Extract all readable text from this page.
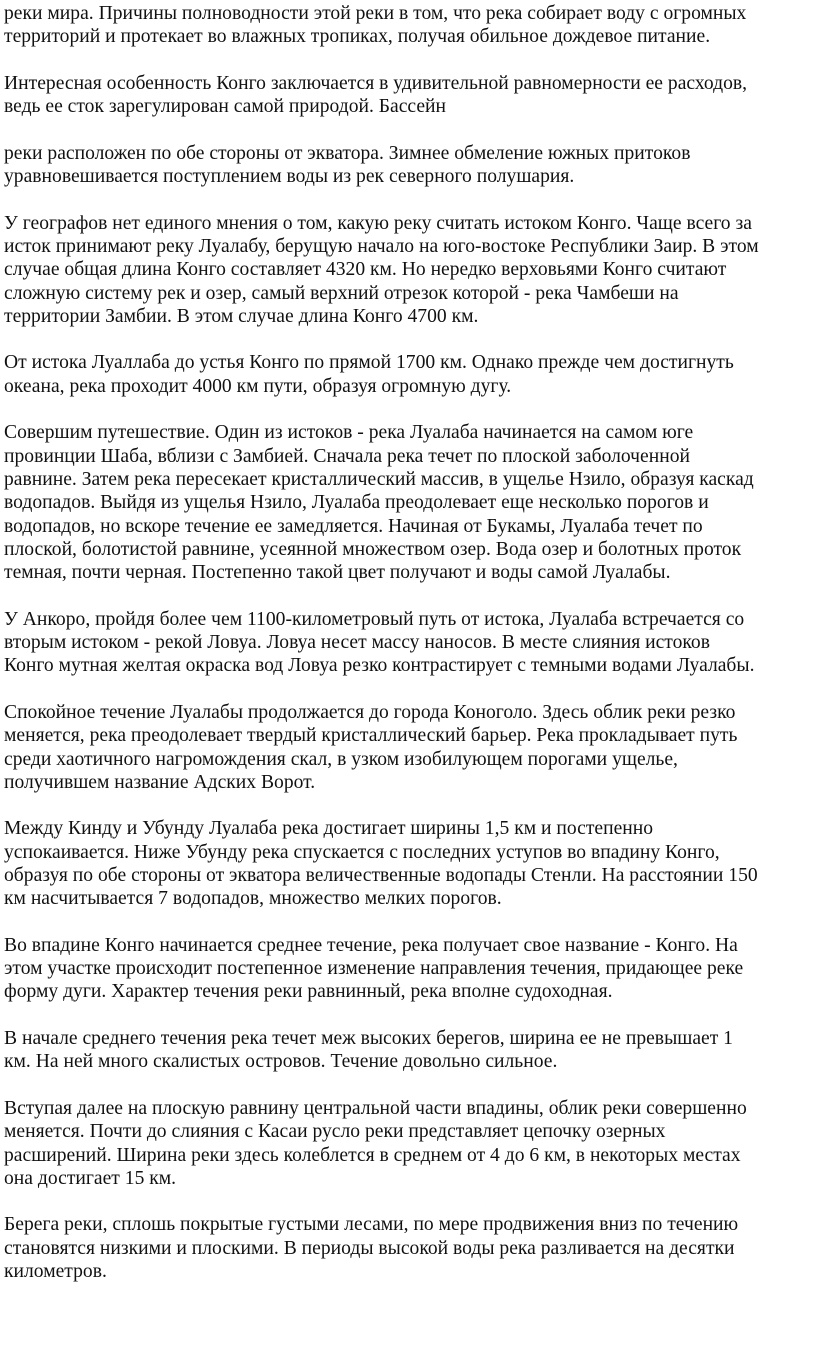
реки мира. Причины полноводности этой реки в том, что река собирает воду с огромных
территорий и протекает во влажных тропиках, получая обильное дождевое питание.

Интересная особенность Конго заключается в удивительной равномерности ее расходов,
ведь ее сток зарегулирован самой природой. Бассейн

реки расположен по обе стороны от экватора. Зимнее обмеление южных притоков
уравновешивается поступлением воды из рек северного полушария.

У географов нет единого мнения о том, какую реку считать истоком Конго. Чаще всего за
исток принимают реку Луалабу, берущую начало на юго-востоке Республики Заир. В этом
случае общая длина Конго составляет 4320 км. Но нередко верховьями Конго считают
сложную систему рек и озер, самый верхний отрезок которой - река Чамбеши на
территории Замбии. В этом случае длина Конго 4700 км.

От истока Луаллаба до устья Конго по прямой 1700 км. Однако прежде чем достигнуть
океана, река проходит 4000 км пути, образуя огромную дугу.

Совершим путешествие. Один из истоков - река Луалаба начинается на самом юге
провинции Шаба, вблизи с Замбией. Сначала река течет по плоской заболоченной
равнине. Затем река пересекает кристаллический массив, в ущелье Нзило, образуя каскад
водопадов. Выйдя из ущелья Нзило, Луалаба преодолевает еще несколько порогов и
водопадов, но вскоре течение ее замедляется. Начиная от Букамы, Луалаба течет по
плоской, болотистой равнине, усеянной множеством озер. Вода озер и болотных проток
темная, почти черная. Постепенно такой цвет получают и воды самой Луалабы.

У Анкоро, пройдя более чем 1100-километровый путь от истока, Луалаба встречается со
вторым истоком - рекой Ловуа. Ловуа несет массу наносов. В месте слияния истоков
Конго мутная желтая окраска вод Ловуа резко контрастирует с темными водами Луалабы.

Спокойное течение Луалабы продолжается до города Коноголо. Здесь облик реки резко
меняется, река преодолевает твердый кристаллический барьер. Река прокладывает путь
среди хаотичного нагромождения скал, в узком изобилующем порогами ущелье,
получившем название Адских Ворот.

Между Кинду и Убунду Луалаба река достигает ширины 1,5 км и постепенно
успокаивается. Ниже Убунду река спускается с последних уступов во впадину Конго,
образуя по обе стороны от экватора величественные водопады Стенли. На расстоянии 150
км насчитывается 7 водопадов, множество мелких порогов.

Во впадине Конго начинается среднее течение, река получает свое название - Конго. На
этом участке происходит постепенное изменение направления течения, придающее реке
форму дуги. Характер течения реки равнинный, река вполне судоходная.

В начале среднего течения река течет меж высоких берегов, ширина ее не превышает 1
км. На ней много скалистых островов. Течение довольно сильное.

Вступая далее на плоскую равнину центральной части впадины, облик реки совершенно
меняется. Почти до слияния с Касаи русло реки представляет цепочку озерных
расширений. Ширина реки здесь колеблется в среднем от 4 до 6 км, в некоторых местах
она достигает 15 км.

Берега реки, сплошь покрытые густыми лесами, по мере продвижения вниз по течению
становятся низкими и плоскими. В периоды высокой воды река разливается на десятки
километров.
